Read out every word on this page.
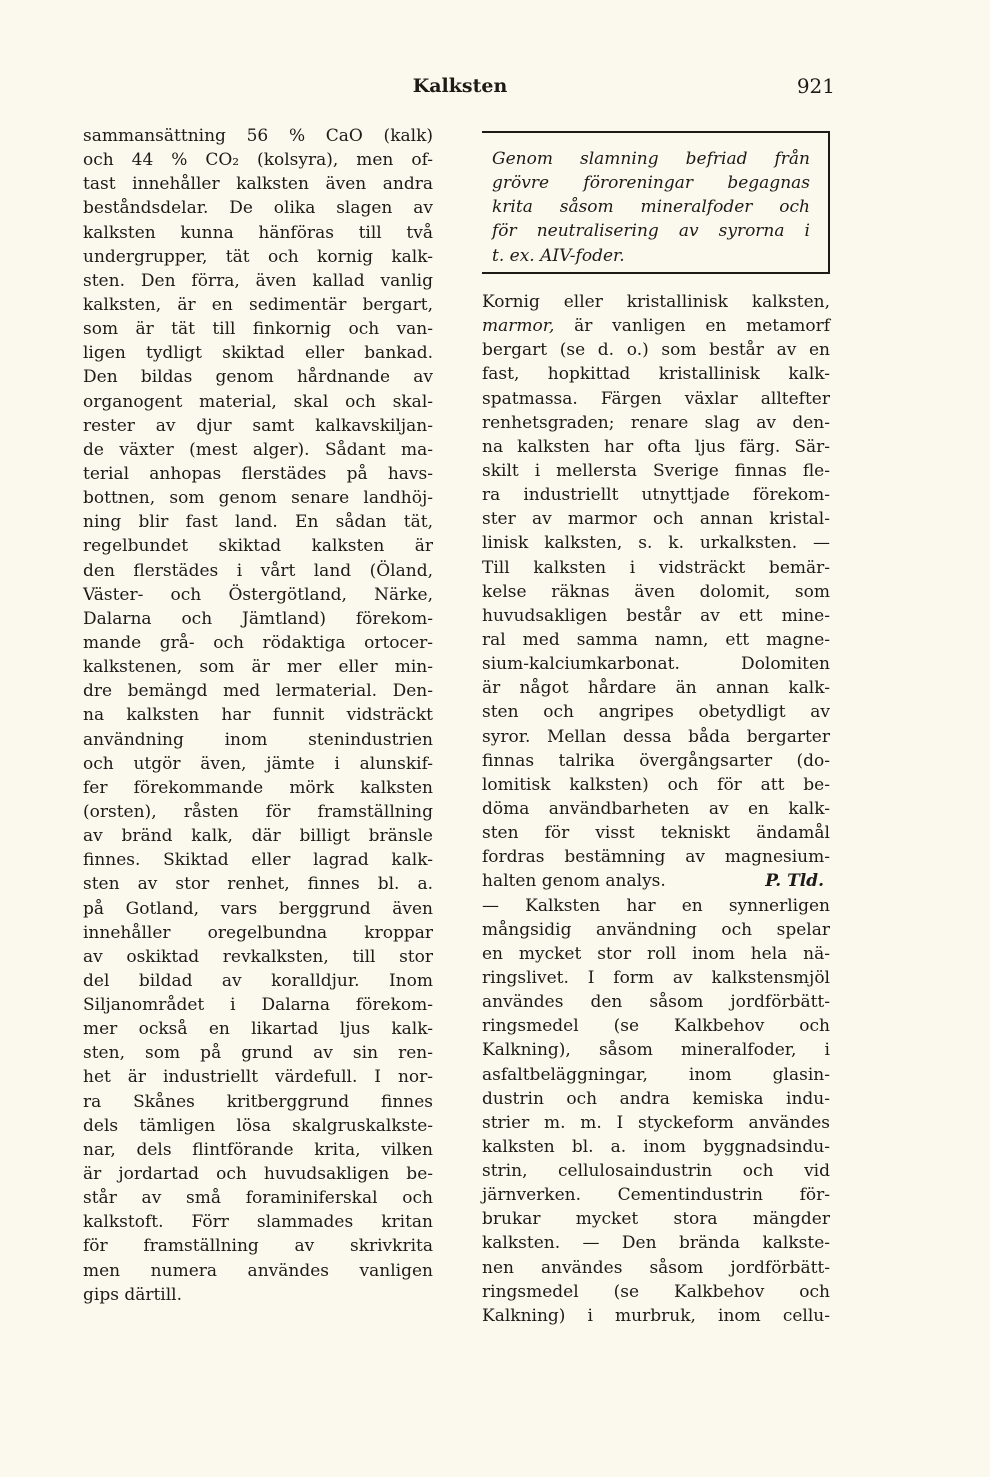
Kalksten	921
Genom slamning befriad från
grövre föroreningar begagnas
krita såsom mineralfoder och
för neutralisering av syrorna i
t. ex. AIV-foder.
sammansättning 56 % CaO (kalk)
och 44 % CO₂ (kolsyra), men of-
tast innehåller kalksten även andra
beståndsdelar. De olika slagen av
kalksten kunna hänföras till två
undergrupper, tät och kornig kalk-
sten. Den förra, även kallad vanlig
kalksten, är en sedimentär bergart,
som är tät till finkornig och van-
ligen tydligt skiktad eller bankad.
Den bildas genom hårdnande av
organogent material, skal och skal-
rester av djur samt kalkavskiljan-
de växter (mest alger). Sådant ma-
terial anhopas flerstädes på havs-
bottnen, som genom senare landhöj-
ning blir fast land. En sådan tät,
regelbundet skiktad kalksten är
den flerstädes i vårt land (Öland,
Väster- och Östergötland, Närke,
Dalarna och Jämtland) förekom-
mande grå- och rödaktiga ortocer-
kalkstenen, som är mer eller min-
dre bemängd med lermaterial. Den-
na kalksten har funnit vidsträckt
användning inom stenindustrien
och utgör även, jämte i alunskif-
fer förekommande mörk kalksten
(orsten), råsten för framställning
av bränd kalk, där billigt bränsle
finnes. Skiktad eller lagrad kalk-
sten av stor renhet, finnes bl. a.
på Gotland, vars berggrund även
innehåller oregelbundna kroppar
av oskiktad revkalksten, till stor
del bildad av koralldjur. Inom
Siljanområdet i Dalarna förekom-
mer också en likartad ljus kalk-
sten, som på grund av sin ren-
het är industriellt värdefull. I nor-
ra Skånes kritberggrund finnes
dels tämligen lösa skalgruskalkste-
nar, dels flintförande krita, vilken
är jordartad och huvudsakligen be-
står av små foraminiferskal och
kalkstoft. Förr slammades kritan
för framställning av skrivkrita
men numera användes vanligen
gips därtill.
Kornig eller kristallinisk kalksten,
marmor, är vanligen en metamorf
bergart (se d. o.) som består av en
fast, hopkittad kristallinisk kalk-
spatmassa. Färgen växlar alltefter
renhetsgraden; renare slag av den-
na kalksten har ofta ljus färg. Sär-
skilt i mellersta Sverige finnas fle-
ra industriellt utnyttjade förekom-
ster av marmor och annan kristal-
linisk kalksten, s. k. urkalksten. —
Till kalksten i vidsträckt bemär-
kelse räknas även dolomit, som
huvudsakligen består av ett mine-
ral med samma namn, ett magne-
sium-kalciumkarbonat. Dolomiten
är något hårdare än annan kalk-
sten och angripes obetydligt av
syror. Mellan dessa båda bergarter
finnas talrika övergångsarter (do-
lomitisk kalksten) och för att be-
döma användbarheten av en kalk-
sten för visst tekniskt ändamål
fordras bestämning av magnesium-
halten genom analys.	P. Tld.
— Kalksten har en synnerligen
mångsidig användning och spelar
en mycket stor roll inom hela nä-
ringslivet. I form av kalkstensmjöl
användes den såsom jordförbätt-
ringsmedel (se Kalkbehov och
Kalkning), såsom mineralfoder, i
asfaltbeläggningar, inom glasin-
dustrin och andra kemiska indu-
strier m. m. I styckeform användes
kalksten bl. a. inom byggnadsindu-
strin, cellulosaindustrin och vid
järnverken. Cementindustrin för-
brukar mycket stora mängder
kalksten. — Den brända kalkste-
nen användes såsom jordförbätt-
ringsmedel (se Kalkbehov och
Kalkning) i murbruk, inom cellu-
